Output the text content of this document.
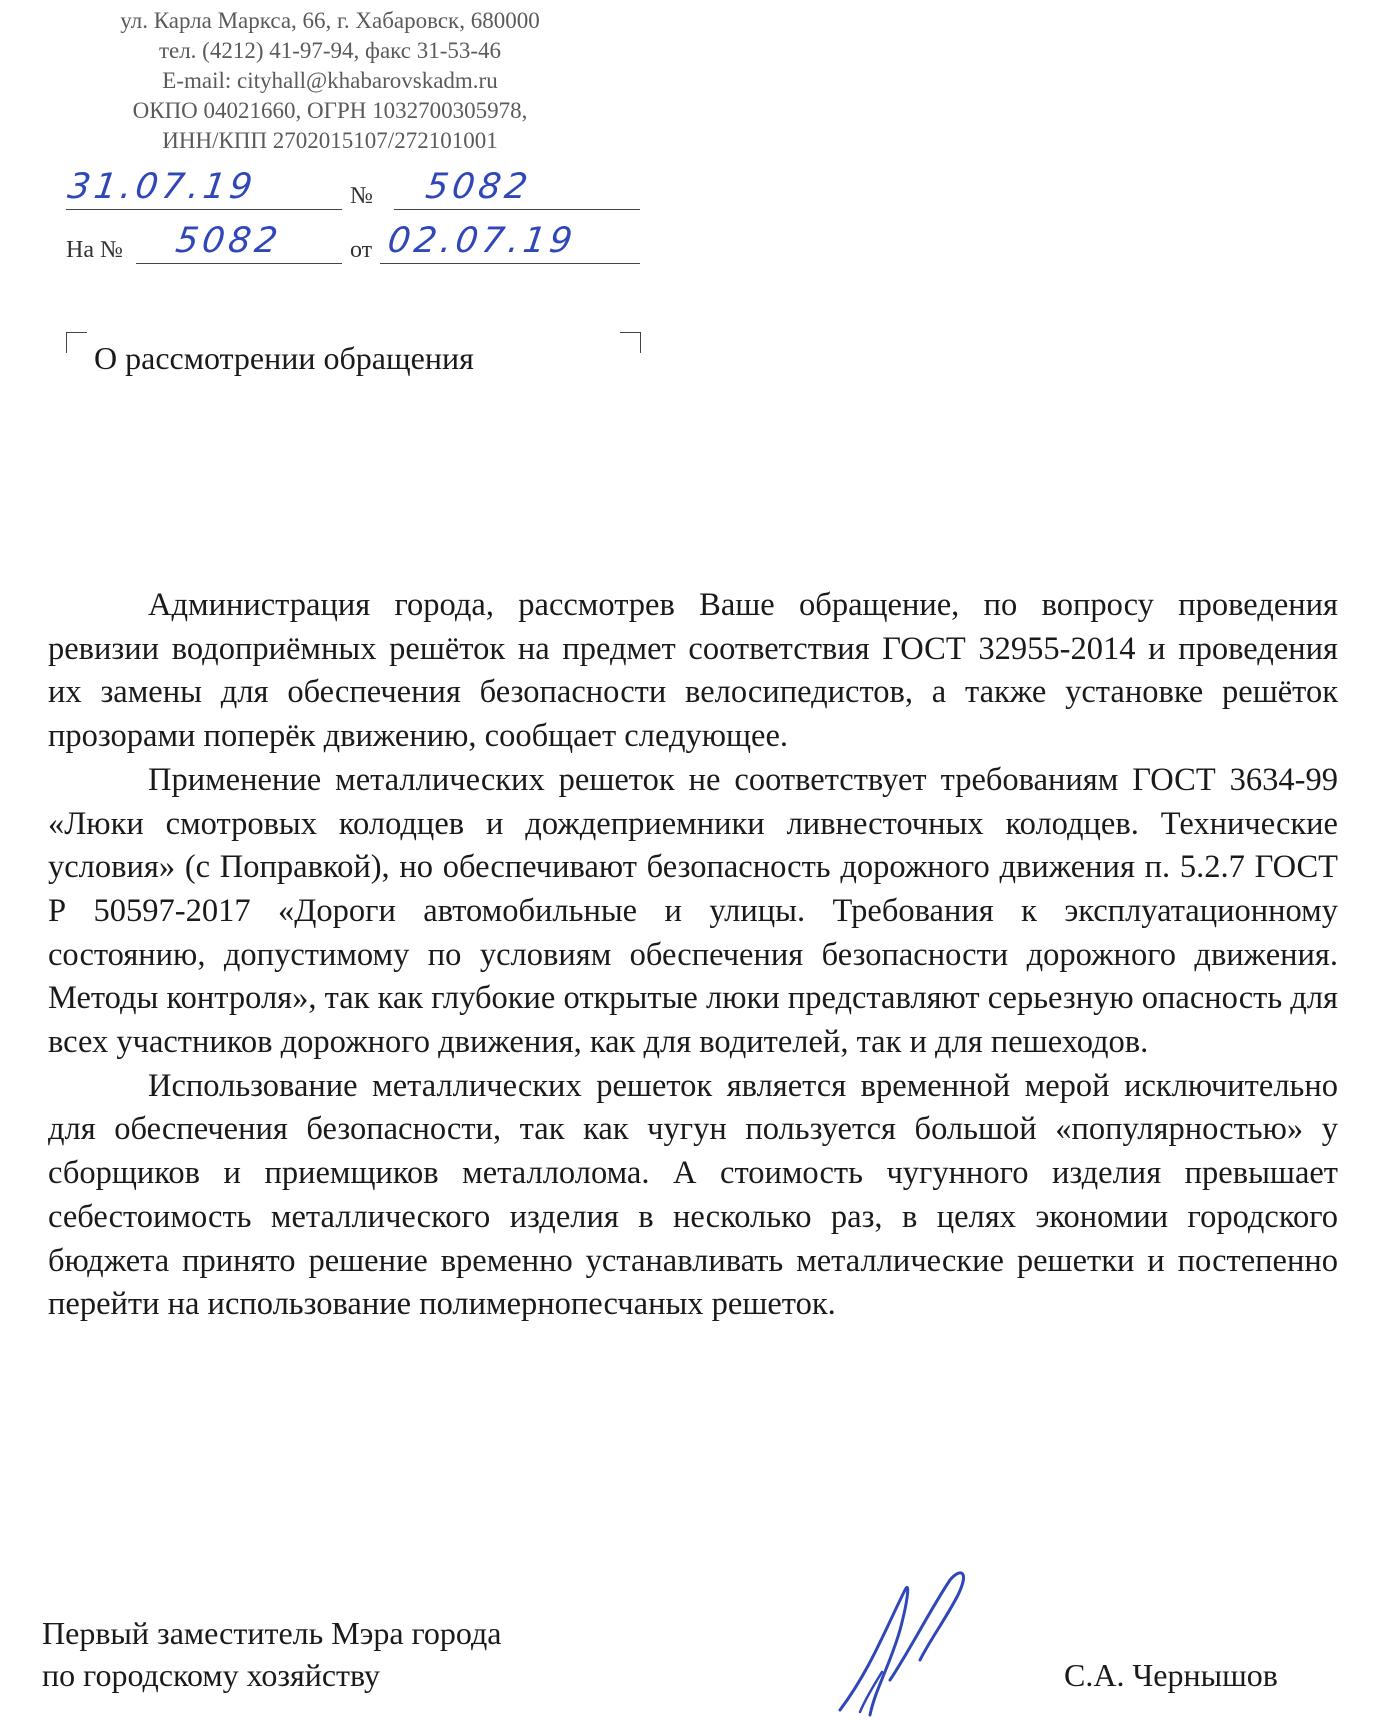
ул. Карла Маркса, 66, г. Хабаровск, 680000
тел. (4212) 41-97-94, факс 31-53-46
E-mail: cityhall@khabarovskadm.ru
ОКПО 04021660, ОГРН 1032700305978,
ИНН/КПП 2702015107/272101001
31.07.19	№ 5082
На № 5082	от 02.07.19
О рассмотрении обращения

Администрация города, рассмотрев Ваше обращение, по вопросу проведения ревизии водоприёмных решёток на предмет соответствия ГОСТ 32955-2014 и проведения их замены для обеспечения безопасности велосипедистов, а также установке решёток прозорами поперёк движению, сообщает следующее.

Применение металлических решеток не соответствует требованиям ГОСТ 3634-99 «Люки смотровых колодцев и дождеприемники ливнесточных колодцев. Технические условия» (с Поправкой), но обеспечивают безопасность дорожного движения п. 5.2.7 ГОСТ Р 50597-2017 «Дороги автомобильные и улицы. Требования к эксплуатационному состоянию, допустимому по условиям обеспечения безопасности дорожного движения. Методы контроля», так как глубокие открытые люки представляют серьезную опасность для всех участников дорожного движения, как для водителей, так и для пешеходов.

Использование металлических решеток является временной мерой исключительно для обеспечения безопасности, так как чугун пользуется большой «популярностью» у сборщиков и приемщиков металлолома. А стоимость чугунного изделия превышает себестоимость металлического изделия в несколько раз, в целях экономии городского бюджета принято решение временно устанавливать металлические решетки и постепенно перейти на использование полимернопесчаных решеток.

Первый заместитель Мэра города
по городскому хозяйству	С.А. Чернышов
